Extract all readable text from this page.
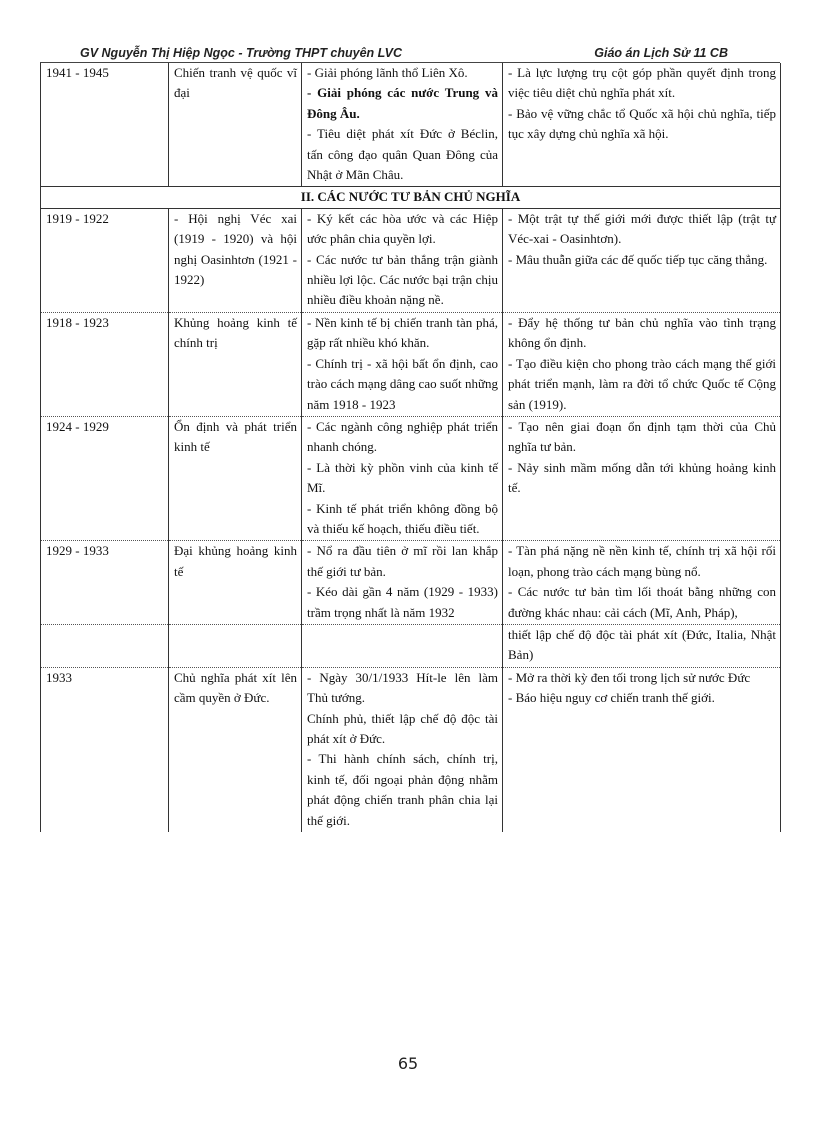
GV Nguyễn Thị Hiệp Ngọc - Trường THPT chuyên LVC	Giáo án Lịch Sử 11 CB
1941 - 1945	Chiến tranh vệ quốc vĩ đại	- Giải phóng lãnh thổ Liên Xô.
- Giải phóng các nước Trung và Đông Âu.
- Tiêu diệt phát xít Đức ở Béclin, tấn công đạo quân Quan Đông của Nhật ở Mãn Châu.	- Là lực lượng trụ cột góp phần quyết định trong việc tiêu diệt chủ nghĩa phát xít.
- Bảo vệ vững chắc tổ Quốc xã hội chủ nghĩa, tiếp tục xây dựng chủ nghĩa xã hội.

II. CÁC NƯỚC TƯ BẢN CHỦ NGHĨA			
1919 - 1922	- Hội nghị Véc xai (1919 - 1920) và hội nghị Oasinhtơn (1921 - 1922)	- Ký kết các hòa ước và các Hiệp ước phân chia quyền lợi.
- Các nước tư bản thắng trận giành nhiều lợi lộc. Các nước bại trận chịu nhiều điều khoản nặng nề.	- Một trật tự thế giới mới được thiết lập (trật tự Véc-xai - Oasinhtơn).
- Mâu thuẫn giữa các đế quốc tiếp tục căng thẳng.

1918 - 1923	Khủng hoảng kinh tế chính trị	- Nền kinh tế bị chiến tranh tàn phá, gặp rất nhiều khó khăn.
- Chính trị - xã hội bất ổn định, cao trào cách mạng dâng cao suốt những năm 1918 - 1923	- Đẩy hệ thống tư bản chủ nghĩa vào tình trạng không ổn định.
- Tạo điều kiện cho phong trào cách mạng thế giới phát triển mạnh, làm ra đời tổ chức Quốc tế Cộng sản (1919).

1924 - 1929	Ổn định và phát triển kinh tế	- Các ngành công nghiệp phát triển nhanh chóng.
- Là thời kỳ phồn vinh của kinh tế Mĩ.
- Kinh tế phát triển không đồng bộ và thiếu kế hoạch, thiếu điều tiết.	- Tạo nên giai đoạn ổn định tạm thời của Chủ nghĩa tư bản.
- Nảy sinh mầm mống dẫn tới khủng hoảng kinh tế.

1929 - 1933	Đại khủng hoảng kinh tế	- Nổ ra đầu tiên ở mĩ rồi lan khắp thế giới tư bản.
- Kéo dài gần 4 năm (1929 - 1933) trầm trọng nhất là năm 1932	- Tàn phá nặng nề nền kinh tế, chính trị xã hội rối loạn, phong trào cách mạng bùng nổ.
- Các nước tư bản tìm lối thoát bằng những con đường khác nhau: cải cách (Mĩ, Anh, Pháp),

			thiết lập chế độ độc tài phát xít (Đức, Italia, Nhật Bản)

1933	Chủ nghĩa phát xít lên cầm quyền ở Đức.	- Ngày 30/1/1933 Hít-le lên làm Thủ tướng.
Chính phủ, thiết lập chế độ độc tài phát xít ở Đức.
- Thi hành chính sách, chính trị, kinh tế, đối ngoại phản động nhằm phát động chiến tranh phân chia lại thế giới.	- Mở ra thời kỳ đen tối trong lịch sử nước Đức
- Báo hiệu nguy cơ chiến tranh thế giới.
65
